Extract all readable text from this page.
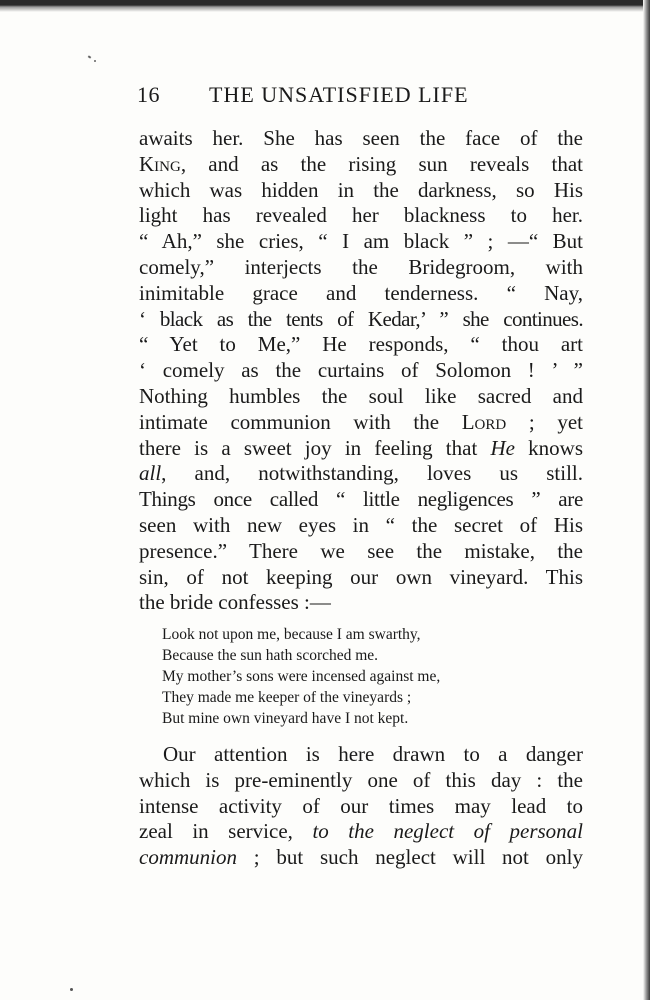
16 THE UNSATISFIED LIFE
awaits her. She has seen the face of the
King, and as the rising sun reveals that
which was hidden in the darkness, so His
light has revealed her blackness to her.
“ Ah,” she cries, “ I am black ” ; —“ But
comely,” interjects the Bridegroom, with
inimitable grace and tenderness. “ Nay,
‘ black as the tents of Kedar,’ ” she continues.
“ Yet to Me,” He responds, “ thou art
‘ comely as the curtains of Solomon ! ’ ”
Nothing humbles the soul like sacred and
intimate communion with the Lord ; yet
there is a sweet joy in feeling that He knows
all, and, notwithstanding, loves us still.
Things once called “ little negligences ” are
seen with new eyes in “ the secret of His
presence.” There we see the mistake, the
sin, of not keeping our own vineyard. This
the bride confesses :—
Look not upon me, because I am swarthy,
Because the sun hath scorched me.
My mother’s sons were incensed against me,
They made me keeper of the vineyards ;
But mine own vineyard have I not kept.
Our attention is here drawn to a danger
which is pre-eminently one of this day : the
intense activity of our times may lead to
zeal in service, to the neglect of personal
communion ; but such neglect will not only
